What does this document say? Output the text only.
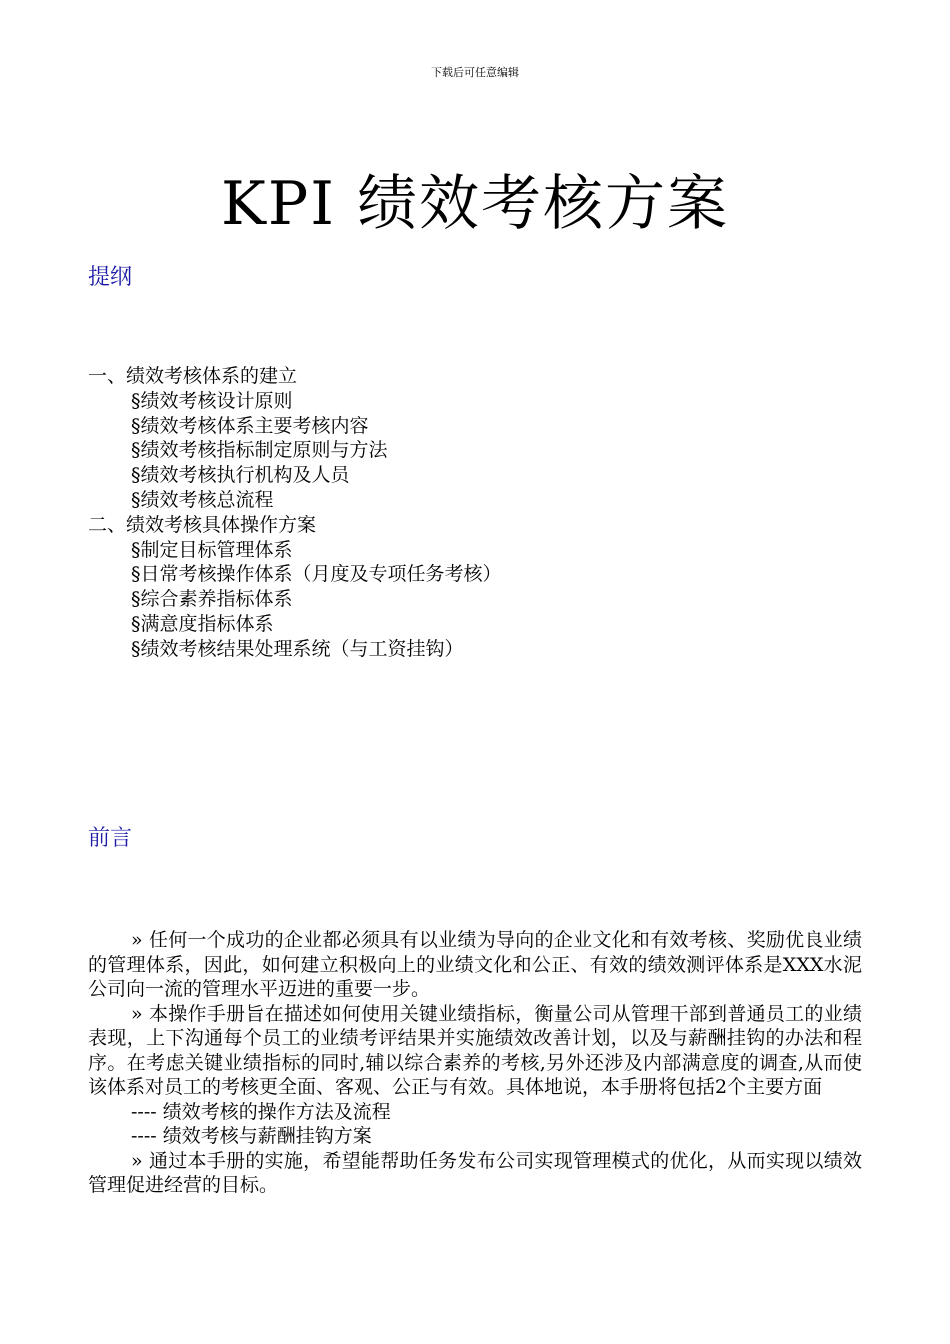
下载后可任意编辑
KPI 绩效考核方案
提纲
一、绩效考核体系的建立
§绩效考核设计原则
§绩效考核体系主要考核内容
§绩效考核指标制定原则与方法
§绩效考核执行机构及人员
§绩效考核总流程
二、绩效考核具体操作方案
§制定目标管理体系
§日常考核操作体系（月度及专项任务考核）
§综合素养指标体系
§满意度指标体系
§绩效考核结果处理系统（与工资挂钩）
前言

» 任何一个成功的企业都必须具有以业绩为导向的企业文化和有效考核、奖励优良业绩的管理体系，因此，如何建立积极向上的业绩文化和公正、有效的绩效测评体系是XXX水泥公司向一流的管理水平迈进的重要一步。

» 本操作手册旨在描述如何使用关键业绩指标，衡量公司从管理干部到普通员工的业绩表现，上下沟通每个员工的业绩考评结果并实施绩效改善计划，以及与薪酬挂钩的办法和程序。在考虑关键业绩指标的同时,辅以综合素养的考核,另外还涉及内部满意度的调查,从而使该体系对员工的考核更全面、客观、公正与有效。具体地说，本手册将包括2个主要方面

---- 绩效考核的操作方法及流程

---- 绩效考核与薪酬挂钩方案

» 通过本手册的实施，希望能帮助任务发布公司实现管理模式的优化，从而实现以绩效管理促进经营的目标。
